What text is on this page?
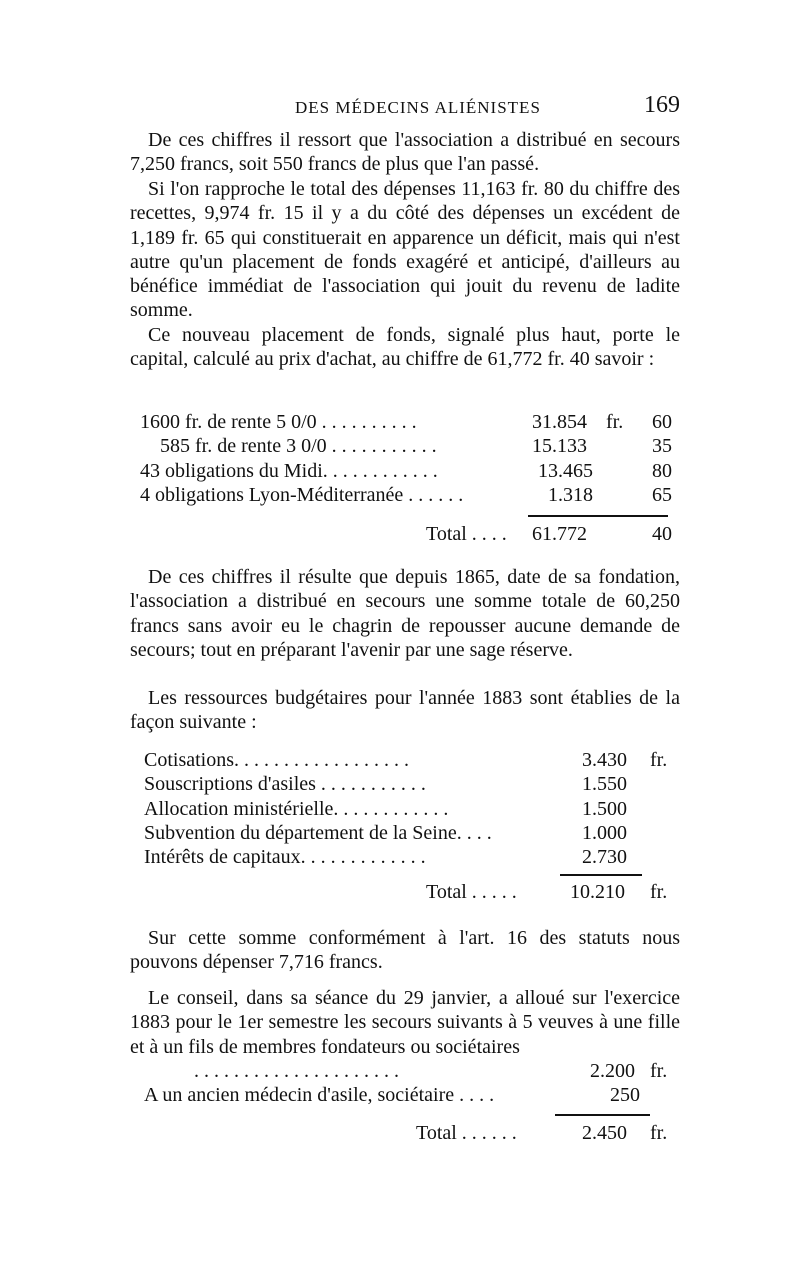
DES MÉDECINS ALIÉNISTES	169

De ces chiffres il ressort que l'association a distribué en secours 7,250 francs, soit 550 francs de plus que l'an passé.

Si l'on rapproche le total des dépenses 11,163 fr. 80 du chiffre des recettes, 9,974 fr. 15 il y a du côté des dépenses un excédent de 1,189 fr. 65 qui constituerait en apparence un déficit, mais qui n'est autre qu'un placement de fonds exagéré et anticipé, d'ailleurs au bénéfice immédiat de l'association qui jouit du revenu de ladite somme.

Ce nouveau placement de fonds, signalé plus haut, porte le capital, calculé au prix d'achat, au chiffre de 61,772 fr. 40 savoir :

1600 fr. de rente 5 0/0 . . . . . . . . . .	31.854 fr. 60
585 fr. de rente 3 0/0 . . . . . . . . . . .	15.133	35
43 obligations du Midi. . . . . . . . . . . .	13.465	80
4 obligations Lyon-Méditerranée . . . . . .	1.318	65
Total . . . . 61.772	40

De ces chiffres il résulte que depuis 1865, date de sa fondation, l'association a distribué en secours une somme totale de 60,250 francs sans avoir eu le chagrin de repousser aucune demande de secours; tout en préparant l'avenir par une sage réserve.

Les ressources budgétaires pour l'année 1883 sont établies de la façon suivante :

Cotisations. . . . . . . . . . . . . . . . . .	3.430 fr.
Souscriptions d'asiles . . . . . . . . . . .	1.550
Allocation ministérielle. . . . . . . . . . . .	1.500
Subvention du département de la Seine. . . .	1.000
Intérêts de capitaux. . . . . . . . . . . . .	2.730
Total . . . . .	10.210 fr.

Sur cette somme conformément à l'art. 16 des statuts nous pouvons dépenser 7,716 francs.

Le conseil, dans sa séance du 29 janvier, a alloué sur l'exercice 1883 pour le 1er semestre les secours suivants à 5 veuves à une fille et à un fils de membres fondateurs ou sociétaires

. . . . . . . . . . . . . . . . . . . . .	2.200 fr.
A un ancien médecin d'asile, sociétaire . . . .	250
Total . . . . . .	2.450 fr.
